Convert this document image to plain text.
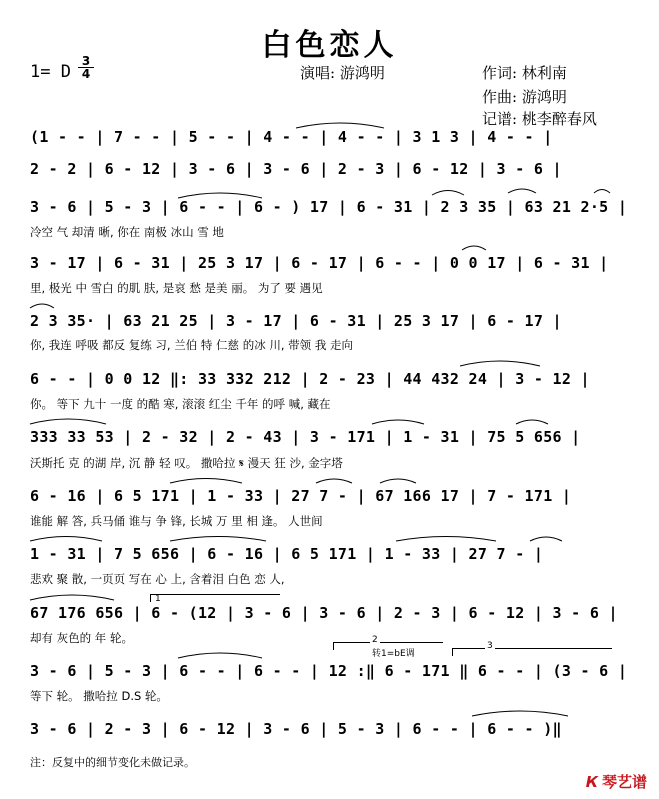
白色恋人
1= D
3
4	演唱: 游鸿明	作词: 林利南
作曲: 游鸿明
记谱: 桃李醉春风
(1 - - | 7 - - | 5 - - | 4 - - | 4 - - | 3 1 3 | 4 - - |
2 - 2 | 6 - 12 | 3 - 6 | 3 - 6 | 2 - 3 | 6 - 12 | 3 - 6 |
3 - 6 | 5 - 3 | 6 - - | 6 - ) 17 | 6 - 31 | 2 3 35 | 63 21 2·5 |
冷空 气 却清 晰, 你在 南极 冰山 雪 地
3 - 17 | 6 - 31 | 25 3 17 | 6 - 17 | 6 - - | 0 0 17 | 6 - 31 |
里, 极光 中 雪白 的肌 肤, 是哀 愁 是美 丽。 为了 要 遇见
2 3 35· | 63 21 25 | 3 - 17 | 6 - 31 | 25 3 17 | 6 - 17 |
你, 我连 呼吸 都反 复练 习, 兰伯 特 仁慈 的冰 川, 带领 我 走向
6 - - | 0 0 12 ‖: 33 332 212 | 2 - 23 | 44 432 24 | 3 - 12 |
你。 等下 九十 一度 的酷 寒, 滚滚 红尘 千年 的呼 喊, 藏在
333 33 53 | 2 - 32 | 2 - 43 | 3 - 171 | 1 - 31 | 75 5 656 |
沃斯托 克 的湖 岸, 沉 静 轻 叹。 撒哈拉 𝄋 漫天 狂 沙, 金字塔
6 - 16 | 6 5 171 | 1 - 33 | 27 7 - | 67 166 17 | 7 - 171 |
谁能 解 答, 兵马俑 谁与 争 锋, 长城 万 里 相 逢。 人世间
1 - 31 | 7 5 656 | 6 - 16 | 6 5 171 | 1 - 33 | 27 7 - |
悲欢 聚 散, 一页页 写在 心 上, 含着泪 白色 恋 人,
67 176 656 | 6 - (12 | 3 - 6 | 3 - 6 | 2 - 3 | 6 - 12 | 3 - 6 |
却有 灰色的 年 轮。
3 - 6 | 5 - 3 | 6 - - | 6 - - | 12 :‖ 6 - 171 ‖ 6 - - | (3 - 6 |
等下 轮。 撒哈拉 D.S 轮。
3 - 6 | 2 - 3 | 6 - 12 | 3 - 6 | 5 - 3 | 6 - - | 6 - - )‖
1
2
转1=bE调
3
注：反复中的细节变化未做记录。
К 琴艺谱
